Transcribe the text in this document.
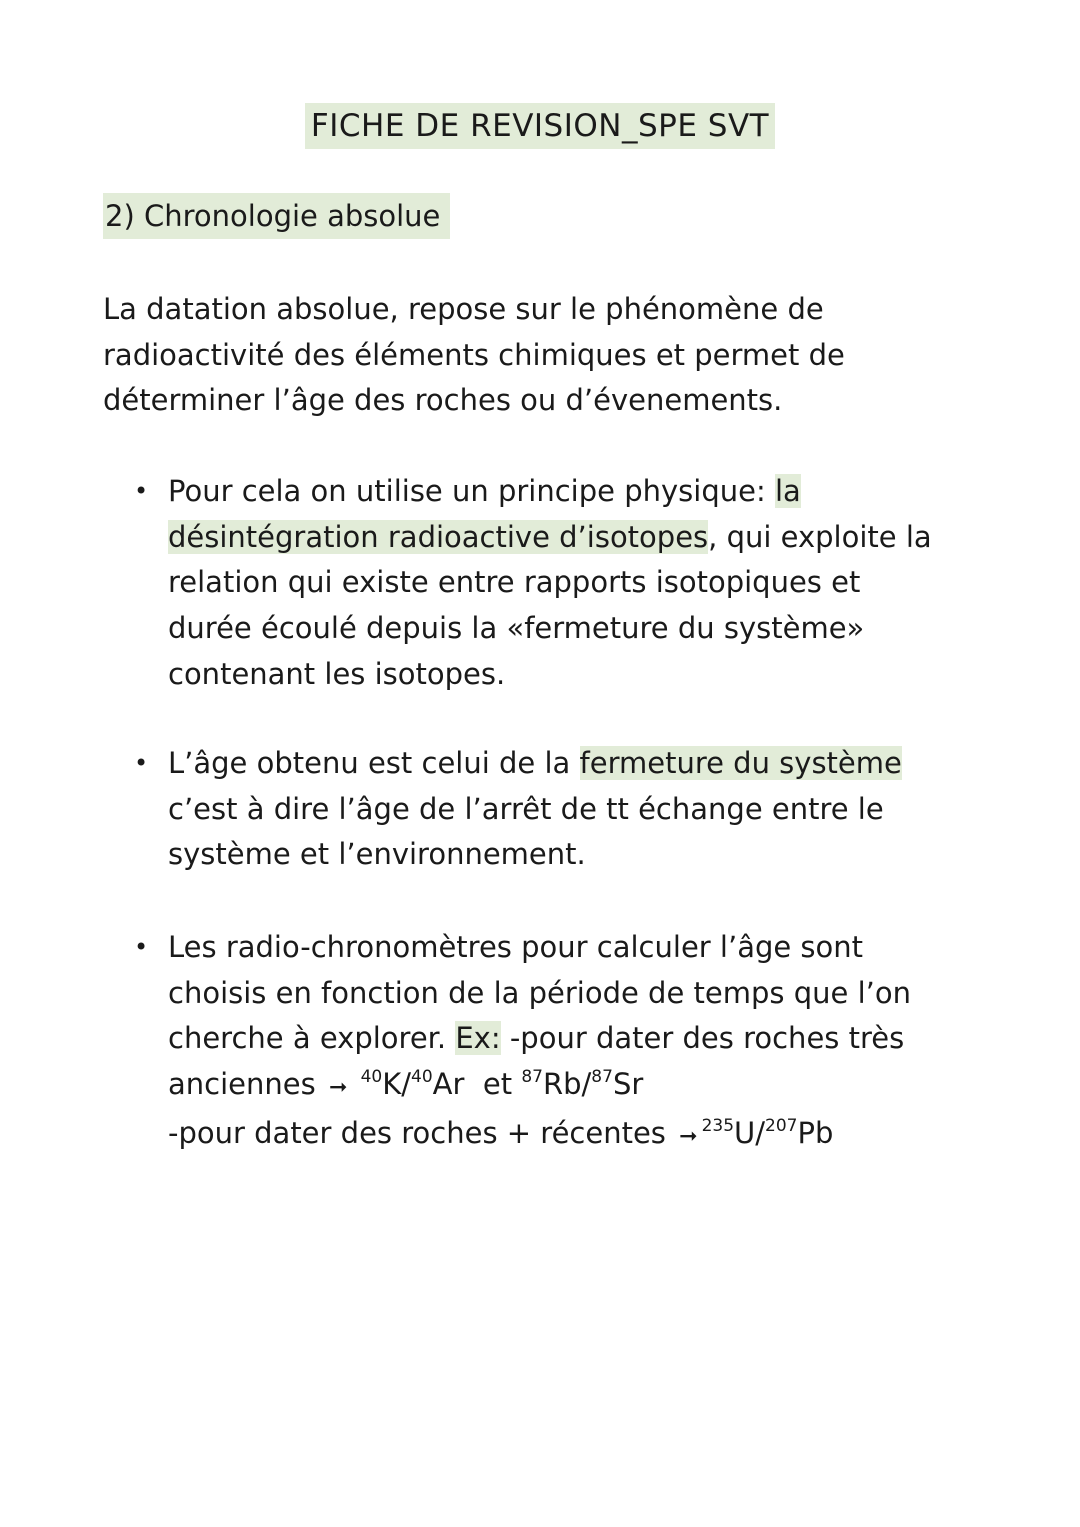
FICHE DE REVISION_SPE SVT
2) Chronologie absolue

La datation absolue, repose sur le phénomène de
radioactivité des éléments chimiques et permet de
déterminer l’âge des roches ou d’évenements.

• Pour cela on utilise un principe physique: la
désintégration radioactive d’isotopes, qui exploite la
relation qui existe entre rapports isotopiques et
durée écoulé depuis la «fermeture du système»
contenant les isotopes.
• L’âge obtenu est celui de la fermeture du système
c’est à dire l’âge de l’arrêt de tt échange entre le
système et l’environnement.
• Les radio-chronomètres pour calculer l’âge sont
choisis en fonction de la période de temps que l’on
cherche à explorer. Ex: -pour dater des roches très
anciennes ➞ $^{40}$K/$^{40}$Ar et $^{87}$Rb/$^{87}$Sr
-pour dater des roches + récentes ➞ $^{235}$U/$^{207}$Pb
